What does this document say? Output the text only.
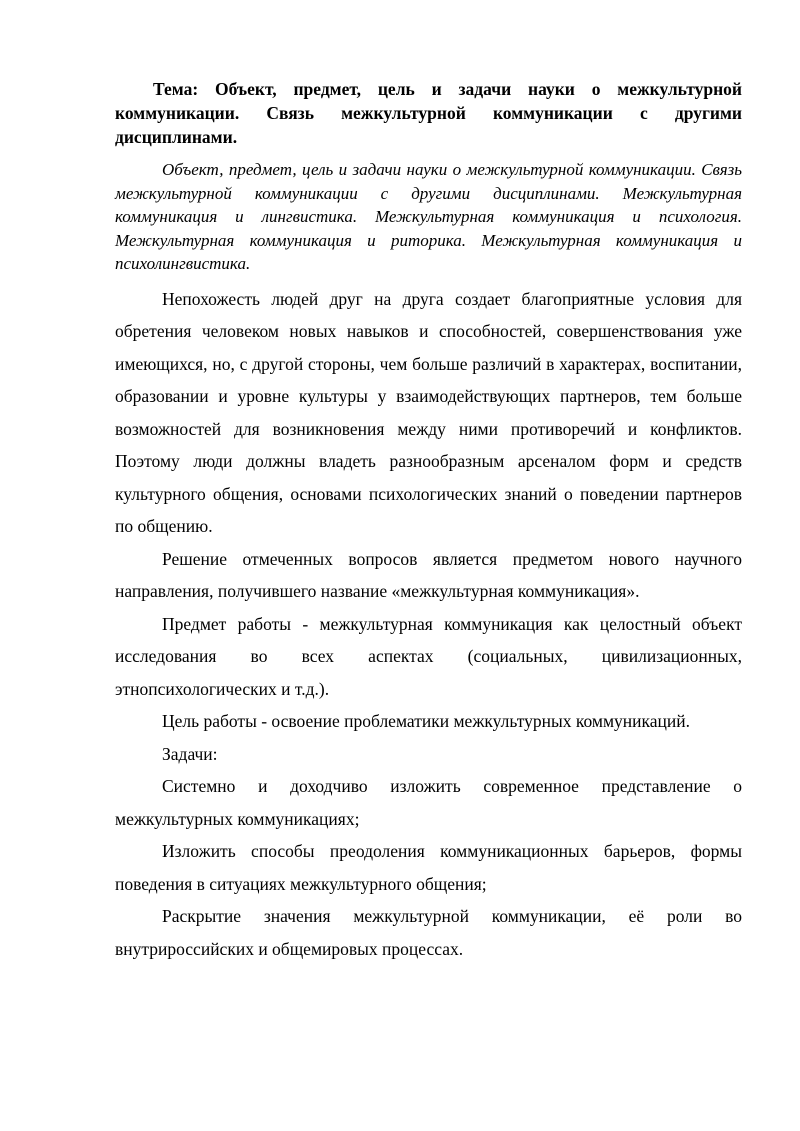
Тема: Объект, предмет, цель и задачи науки о межкультурной коммуникации. Связь межкультурной коммуникации с другими дисциплинами.

Объект, предмет, цель и задачи науки о межкультурной коммуникации. Связь межкультурной коммуникации с другими дисциплинами. Межкультурная коммуникация и лингвистика. Межкультурная коммуникация и психология. Межкультурная коммуникация и риторика. Межкультурная коммуникация и психолингвистика.

Непохожесть людей друг на друга создает благоприятные условия для обретения человеком новых навыков и способностей, совершенствования уже имеющихся, но, с другой стороны, чем больше различий в характерах, воспитании, образовании и уровне культуры у взаимодействующих партнеров, тем больше возможностей для возникновения между ними противоречий и конфликтов. Поэтому люди должны владеть разнообразным арсеналом форм и средств культурного общения, основами психологических знаний о поведении партнеров по общению.

Решение отмеченных вопросов является предметом нового научного направления, получившего название «межкультурная коммуникация».

Предмет работы - межкультурная коммуникация как целостный объект исследования во всех аспектах (социальных, цивилизационных, этнопсихологических и т.д.).

Цель работы - освоение проблематики межкультурных коммуникаций.

Задачи:

Системно и доходчиво изложить современное представление о межкультурных коммуникациях;

Изложить способы преодоления коммуникационных барьеров, формы поведения в ситуациях межкультурного общения;

Раскрытие значения межкультурной коммуникации, её роли во внутрироссийских и общемировых процессах.
